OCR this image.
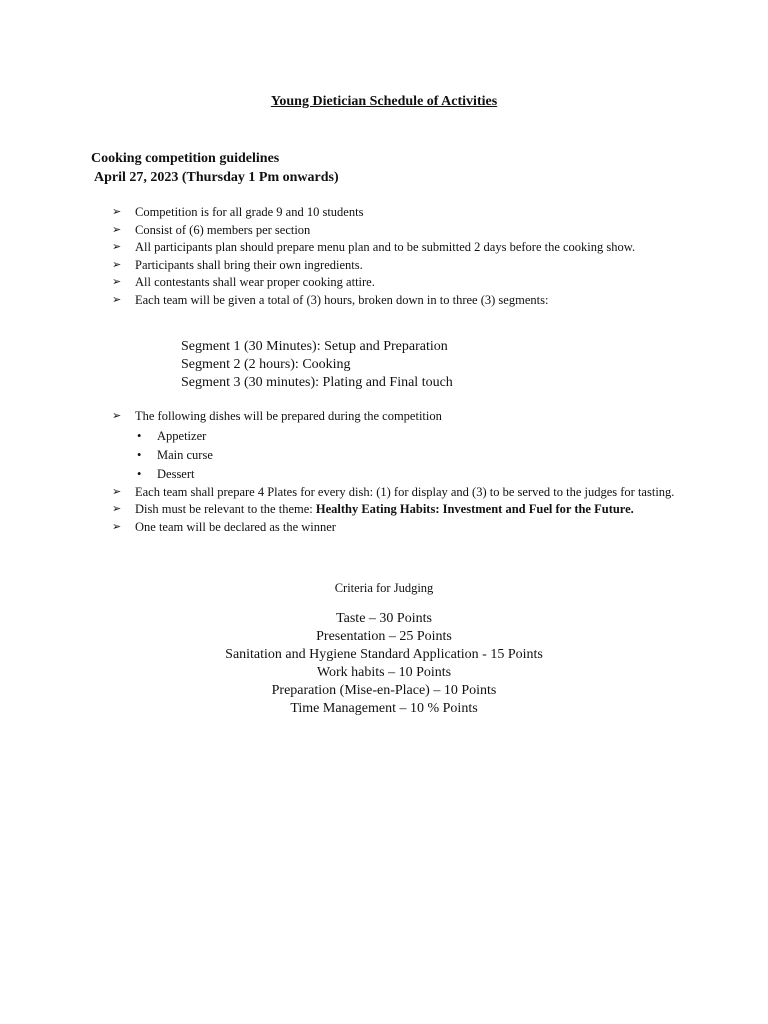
Young Dietician Schedule of Activities
Cooking competition guidelines
April 27, 2023 (Thursday 1 Pm onwards)
➢ Competition is for all grade 9 and 10 students
➢ Consist of (6) members per section
➢ All participants plan should prepare menu plan and to be submitted 2 days before the cooking show.
➢ Participants shall bring their own ingredients.
➢ All contestants shall wear proper cooking attire.
➢ Each team will be given a total of (3) hours, broken down in to three (3) segments:
Segment 1 (30 Minutes): Setup and Preparation
Segment 2 (2 hours): Cooking
Segment 3 (30 minutes): Plating and Final touch
➢ The following dishes will be prepared during the competition
• Appetizer
• Main curse
• Dessert
➢ Each team shall prepare 4 Plates for every dish: (1) for display and (3) to be served to the judges for tasting.
➢ Dish must be relevant to the theme: Healthy Eating Habits: Investment and Fuel for the Future.
➢ One team will be declared as the winner
Criteria for Judging
Taste – 30 Points
Presentation – 25 Points
Sanitation and Hygiene Standard Application - 15 Points
Work habits – 10 Points
Preparation (Mise-en-Place) – 10 Points
Time Management – 10 % Points
